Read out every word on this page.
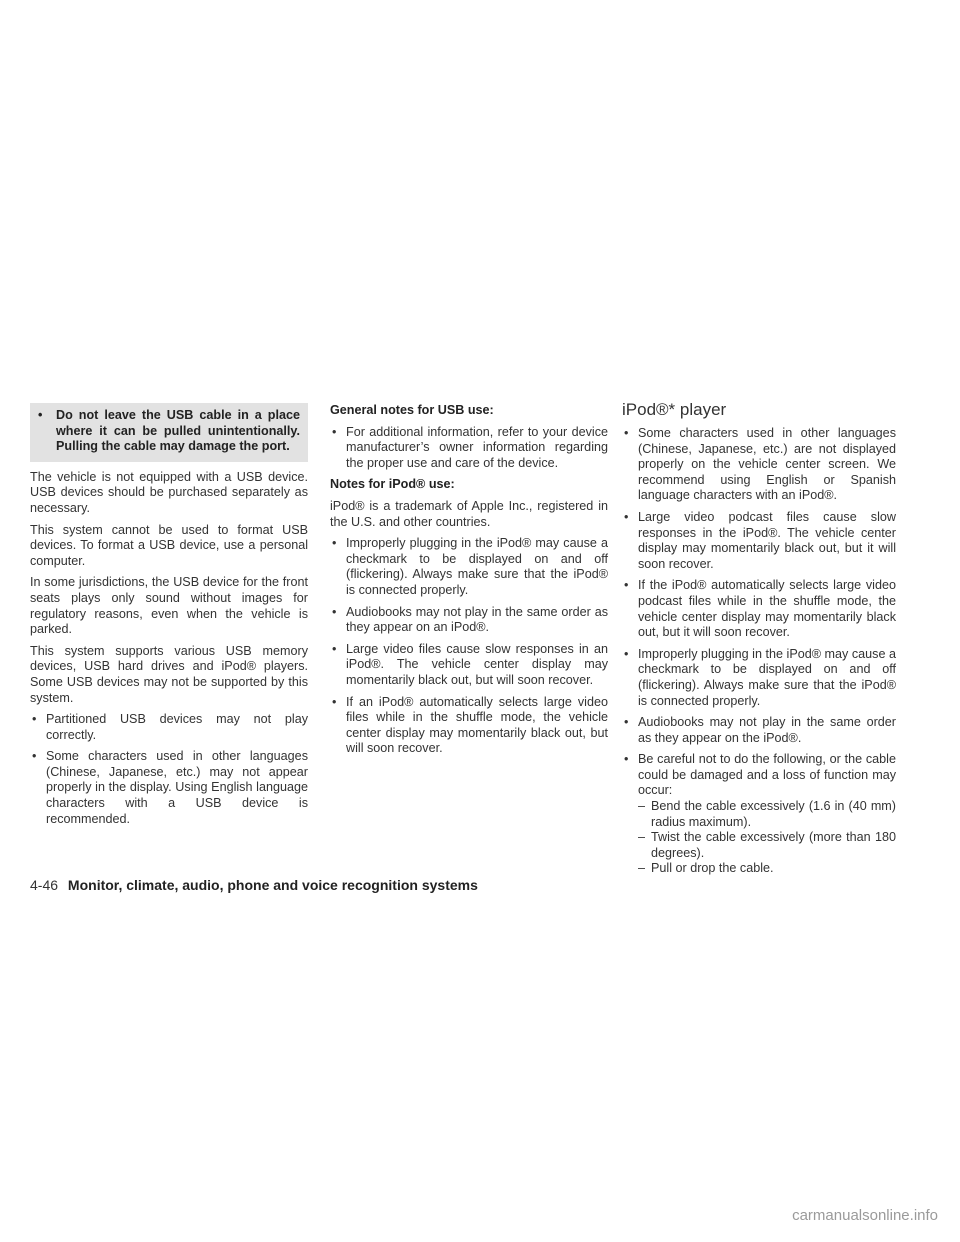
• Do not leave the USB cable in a place where it can be pulled unintentionally. Pulling the cable may damage the port.

The vehicle is not equipped with a USB device. USB devices should be purchased separately as necessary.

This system cannot be used to format USB devices. To format a USB device, use a personal computer.

In some jurisdictions, the USB device for the front seats plays only sound without images for regulatory reasons, even when the vehicle is parked.

This system supports various USB memory devices, USB hard drives and iPod® players. Some USB devices may not be supported by this system.

• Partitioned USB devices may not play correctly.
• Some characters used in other languages (Chinese, Japanese, etc.) may not appear properly in the display. Using English language characters with a USB device is recommended.
General notes for USB use:
• For additional information, refer to your device manufacturer’s owner information regarding the proper use and care of the device.
Notes for iPod® use:

iPod® is a trademark of Apple Inc., registered in the U.S. and other countries.

• Improperly plugging in the iPod® may cause a checkmark to be displayed on and off (flickering). Always make sure that the iPod® is connected properly.
• Audiobooks may not play in the same order as they appear on an iPod®.
• Large video files cause slow responses in an iPod®. The vehicle center display may momentarily black out, but will soon recover.
• If an iPod® automatically selects large video files while in the shuffle mode, the vehicle center display may momentarily black out, but will soon recover.
iPod®* player
• Some characters used in other languages (Chinese, Japanese, etc.) are not displayed properly on the vehicle center screen. We recommend using English or Spanish language characters with an iPod®.
• Large video podcast files cause slow responses in the iPod®. The vehicle center display may momentarily black out, but it will soon recover.
• If the iPod® automatically selects large video podcast files while in the shuffle mode, the vehicle center display may momentarily black out, but it will soon recover.
• Improperly plugging in the iPod® may cause a checkmark to be displayed on and off (flickering). Always make sure that the iPod® is connected properly.
• Audiobooks may not play in the same order as they appear on the iPod®.
• Be careful not to do the following, or the cable could be damaged and a loss of function may occur:
– Bend the cable excessively (1.6 in (40 mm) radius maximum).
– Twist the cable excessively (more than 180 degrees).
– Pull or drop the cable.
4-46 Monitor, climate, audio, phone and voice recognition systems
carmanualsonline.info
